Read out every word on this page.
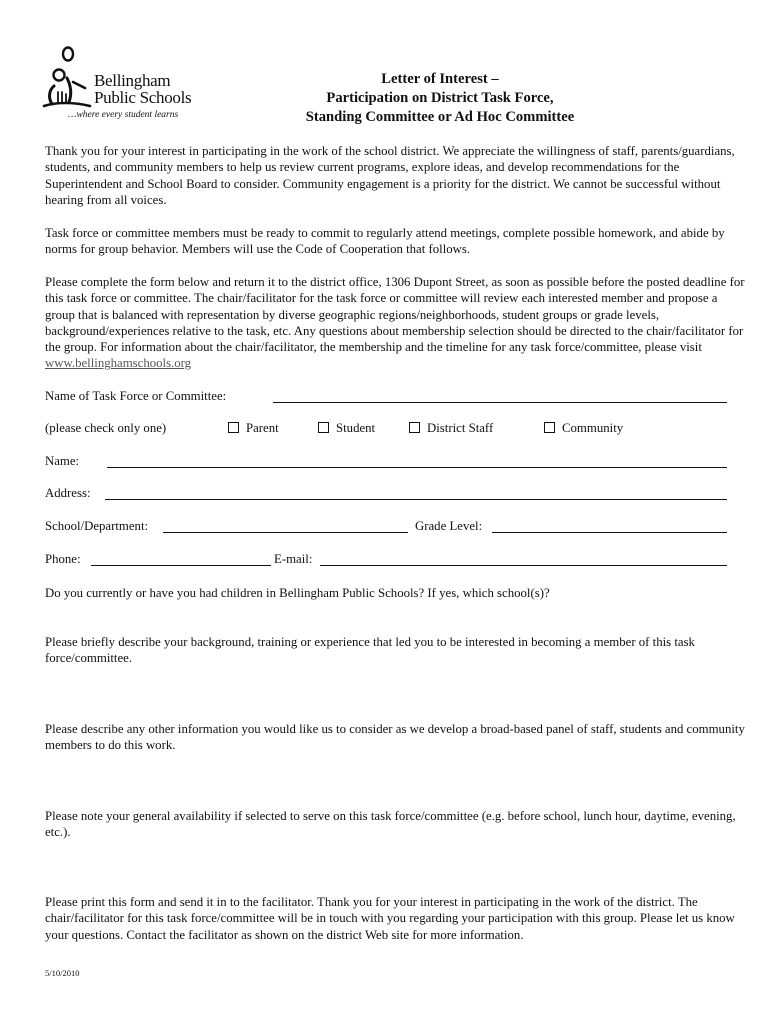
Bellingham
Public Schools
…where every student learns
Letter of Interest –
Participation on District Task Force,
Standing Committee or Ad Hoc Committee

Thank you for your interest in participating in the work of the school district. We appreciate the willingness of staff, parents/guardians, students, and community members to help us review current programs, explore ideas, and develop recommendations for the Superintendent and School Board to consider. Community engagement is a priority for the district. We cannot be successful without hearing from all voices.

Task force or committee members must be ready to commit to regularly attend meetings, complete possible homework, and abide by norms for group behavior. Members will use the Code of Cooperation that follows.

Please complete the form below and return it to the district office, 1306 Dupont Street, as soon as possible before the posted deadline for this task force or committee. The chair/facilitator for the task force or committee will review each interested member and propose a group that is balanced with representation by diverse geographic regions/neighborhoods, student groups or grade levels, background/experiences relative to the task, etc. Any questions about membership selection should be directed to the chair/facilitator for the group. For information about the chair/facilitator, the membership and the timeline for any task force/committee, please visit www.bellinghamschools.org

Name of Task Force or Committee:
(please check only one)	Parent	Student	District Staff	Community
Name:
Address:
School/Department:	Grade Level:
Phone:	E-mail:

Do you currently or have you had children in Bellingham Public Schools? If yes, which school(s)?

Please briefly describe your background, training or experience that led you to be interested in becoming a member of this task force/committee.

Please describe any other information you would like us to consider as we develop a broad-based panel of staff, students and community members to do this work.

Please note your general availability if selected to serve on this task force/committee (e.g. before school, lunch hour, daytime, evening, etc.).

Please print this form and send it in to the facilitator. Thank you for your interest in participating in the work of the district. The chair/facilitator for this task force/committee will be in touch with you regarding your participation with this group. Please let us know your questions. Contact the facilitator as shown on the district Web site for more information.

5/10/2010
